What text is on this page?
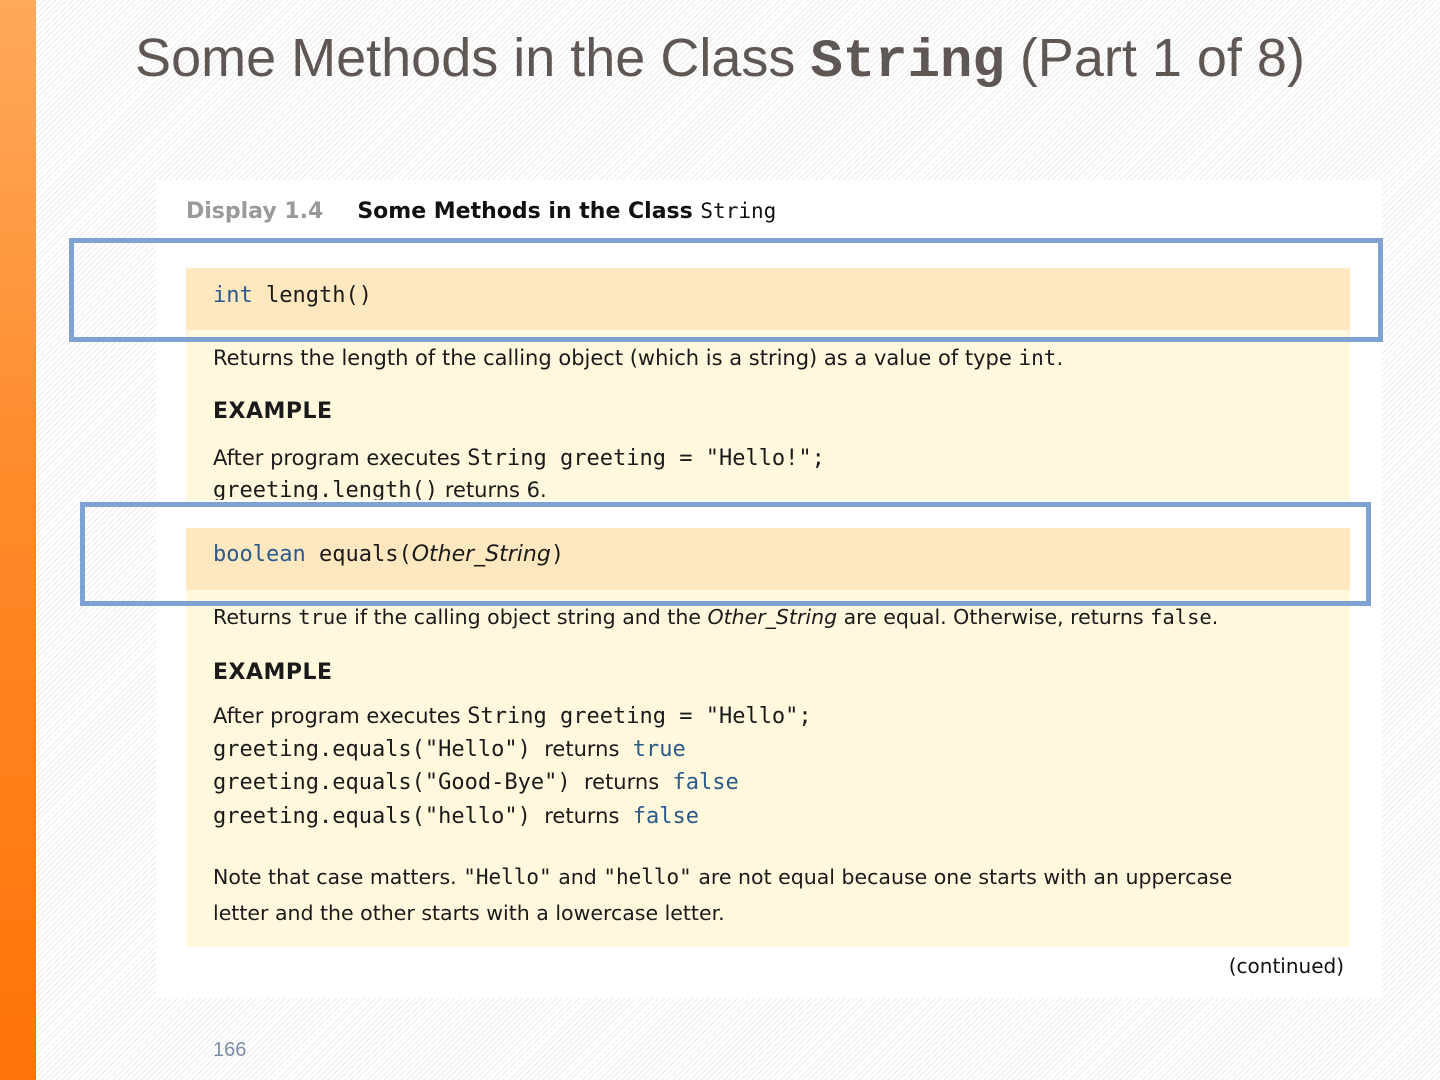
Some Methods in the Class String (Part 1 of 8)
Display 1.4 Some Methods in the Class String
int length()
Returns the length of the calling object (which is a string) as a value of type int.
EXAMPLE
After program executes String greeting = "Hello!";
greeting.length() returns 6.
boolean equals(Other_String)
Returns true if the calling object string and the Other_String are equal. Otherwise, returns false.
EXAMPLE
After program executes String greeting = "Hello";
greeting.equals("Hello") returns true
greeting.equals("Good-Bye") returns false
greeting.equals("hello") returns false
Note that case matters. "Hello" and "hello" are not equal because one starts with an uppercase
letter and the other starts with a lowercase letter.
(continued)
166
